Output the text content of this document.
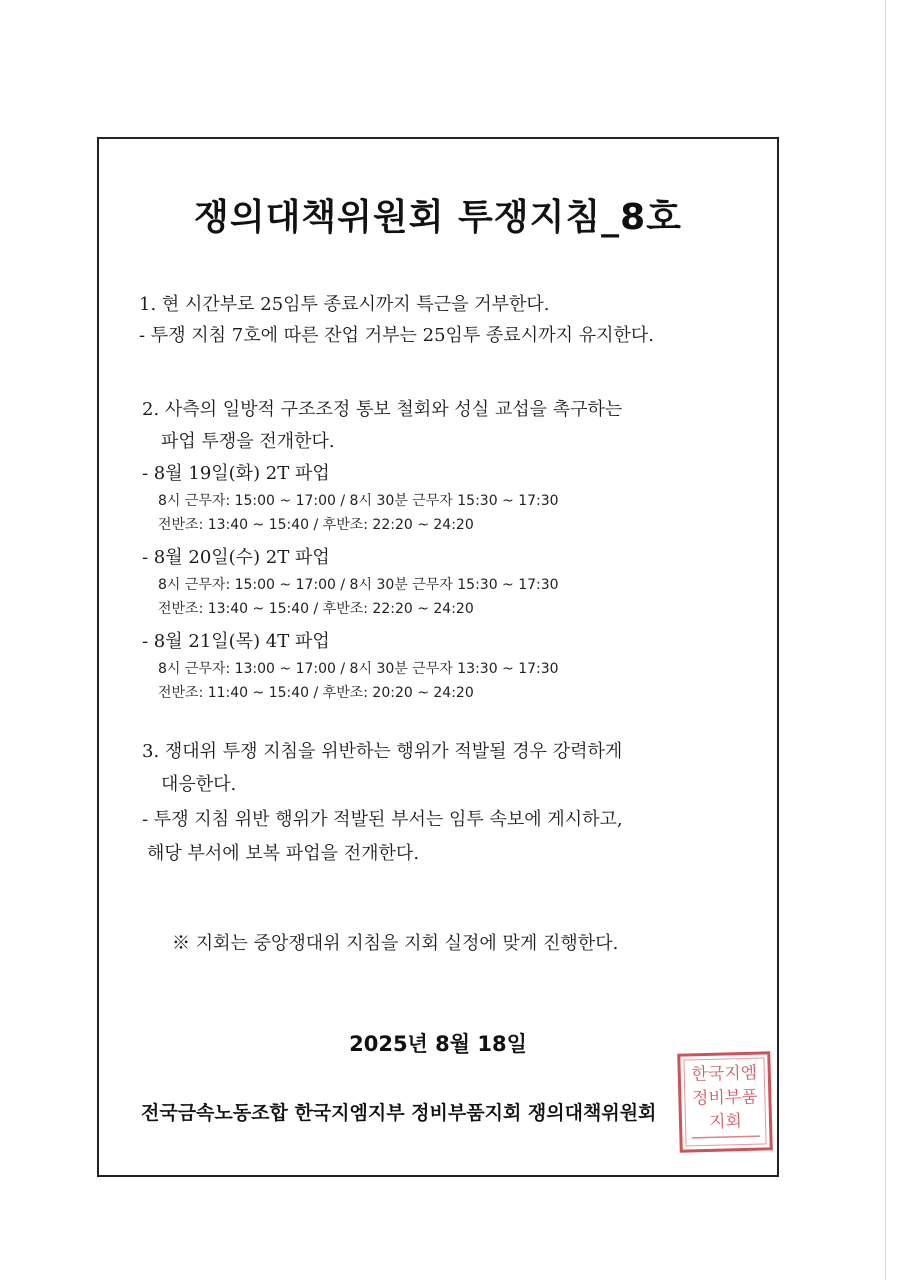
쟁의대책위원회 투쟁지침_8호
1. 현 시간부로 25임투 종료시까지 특근을 거부한다.
- 투쟁 지침 7호에 따른 잔업 거부는 25임투 종료시까지 유지한다.
2. 사측의 일방적 구조조정 통보 철회와 성실 교섭을 촉구하는
파업 투쟁을 전개한다.
- 8월 19일(화) 2T 파업
8시 근무자: 15:00 ~ 17:00 / 8시 30분 근무자 15:30 ~ 17:30
전반조: 13:40 ~ 15:40 / 후반조: 22:20 ~ 24:20
- 8월 20일(수) 2T 파업
8시 근무자: 15:00 ~ 17:00 / 8시 30분 근무자 15:30 ~ 17:30
전반조: 13:40 ~ 15:40 / 후반조: 22:20 ~ 24:20
- 8월 21일(목) 4T 파업
8시 근무자: 13:00 ~ 17:00 / 8시 30분 근무자 13:30 ~ 17:30
전반조: 11:40 ~ 15:40 / 후반조: 20:20 ~ 24:20
3. 쟁대위 투쟁 지침을 위반하는 행위가 적발될 경우 강력하게
대응한다.
- 투쟁 지침 위반 행위가 적발된 부서는 임투 속보에 게시하고,
해당 부서에 보복 파업을 전개한다.
※ 지회는 중앙쟁대위 지침을 지회 실정에 맞게 진행한다.
2025년 8월 18일
전국금속노동조합 한국지엠지부 정비부품지회 쟁의대책위원회
한국지엠
정비부품
지회
